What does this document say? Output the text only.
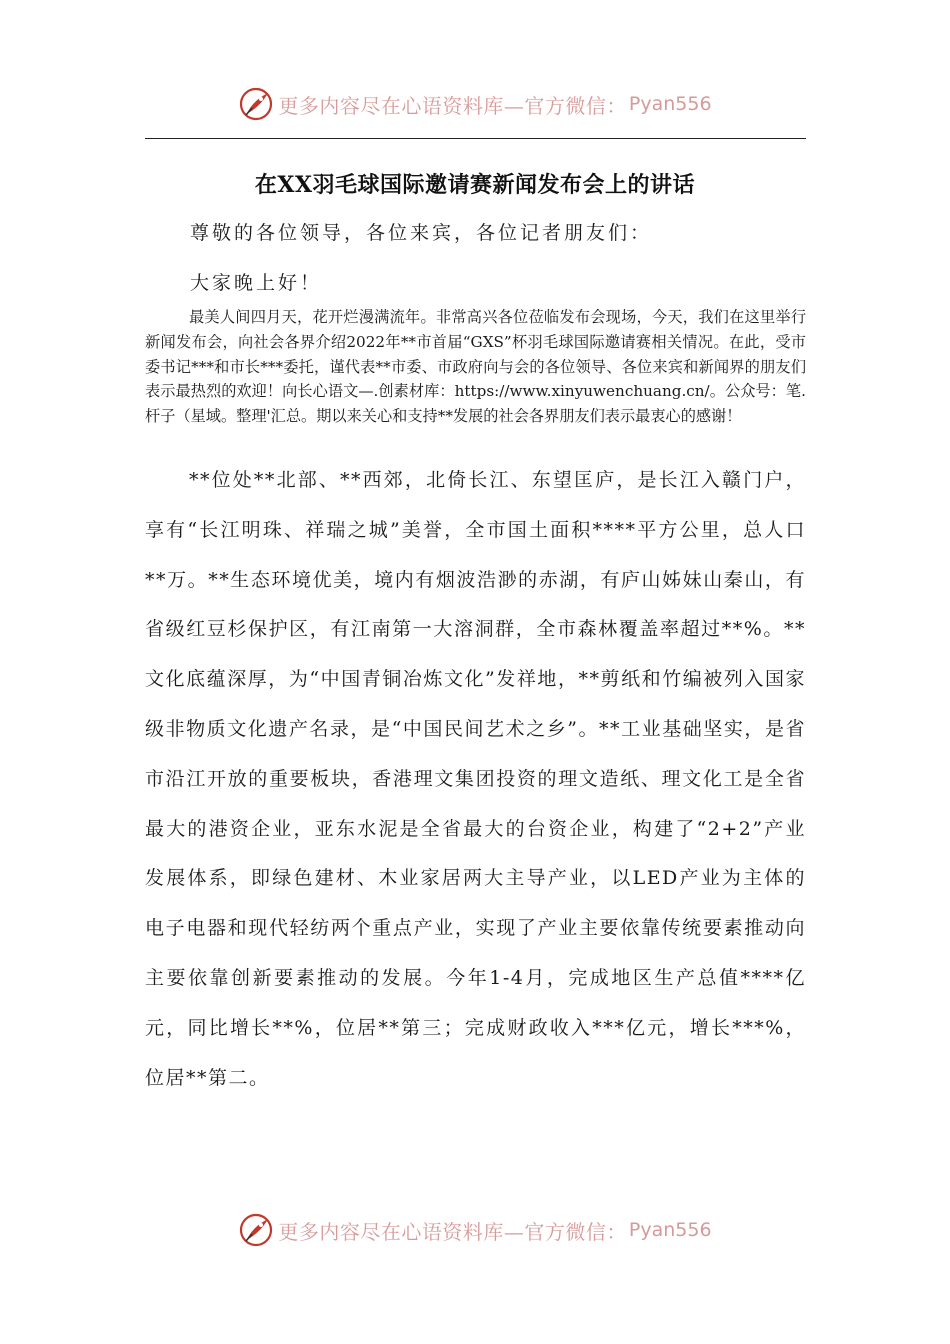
更多内容尽在心语资料库—官方微信： Pyan556
在XX羽毛球国际邀请赛新闻发布会上的讲话
尊敬的各位领导，各位来宾，各位记者朋友们：
大家晚上好！

最美人间四月天，花开烂漫满流年。非常高兴各位莅临发布会现场，今天，我们在这里举行新闻发布会，向社会各界介绍2022年**市首届“GXS”杯羽毛球国际邀请赛相关情况。在此，受市委书记***和市长***委托，谨代表**市委、市政府向与会的各位领导、各位来宾和新闻界的朋友们表示最热烈的欢迎！向长心语文—.创素材库：https://www.xinyuwenchuang.cn/。公众号：笔.杆子（星域。整理'汇总。期以来关心和支持**发展的社会各界朋友们表示最衷心的感谢！

**位处**北部、**西郊，北倚长江、东望匡庐，是长江入赣门户，享有“长江明珠、祥瑞之城”美誉，全市国土面积****平方公里，总人口**万。**生态环境优美，境内有烟波浩渺的赤湖，有庐山姊妹山秦山，有省级红豆杉保护区，有江南第一大溶洞群，全市森林覆盖率超过**%。**文化底蕴深厚，为“中国青铜冶炼文化”发祥地，**剪纸和竹编被列入国家级非物质文化遗产名录，是“中国民间艺术之乡”。**工业基础坚实，是省市沿江开放的重要板块，香港理文集团投资的理文造纸、理文化工是全省最大的港资企业，亚东水泥是全省最大的台资企业，构建了“2+2”产业发展体系，即绿色建材、木业家居两大主导产业，以LED产业为主体的电子电器和现代轻纺两个重点产业，实现了产业主要依靠传统要素推动向主要依靠创新要素推动的发展。今年1-4月，完成地区生产总值****亿元，同比增长**%，位居**第三；完成财政收入***亿元，增长***%，位居**第二。

更多内容尽在心语资料库—官方微信： Pyan556
